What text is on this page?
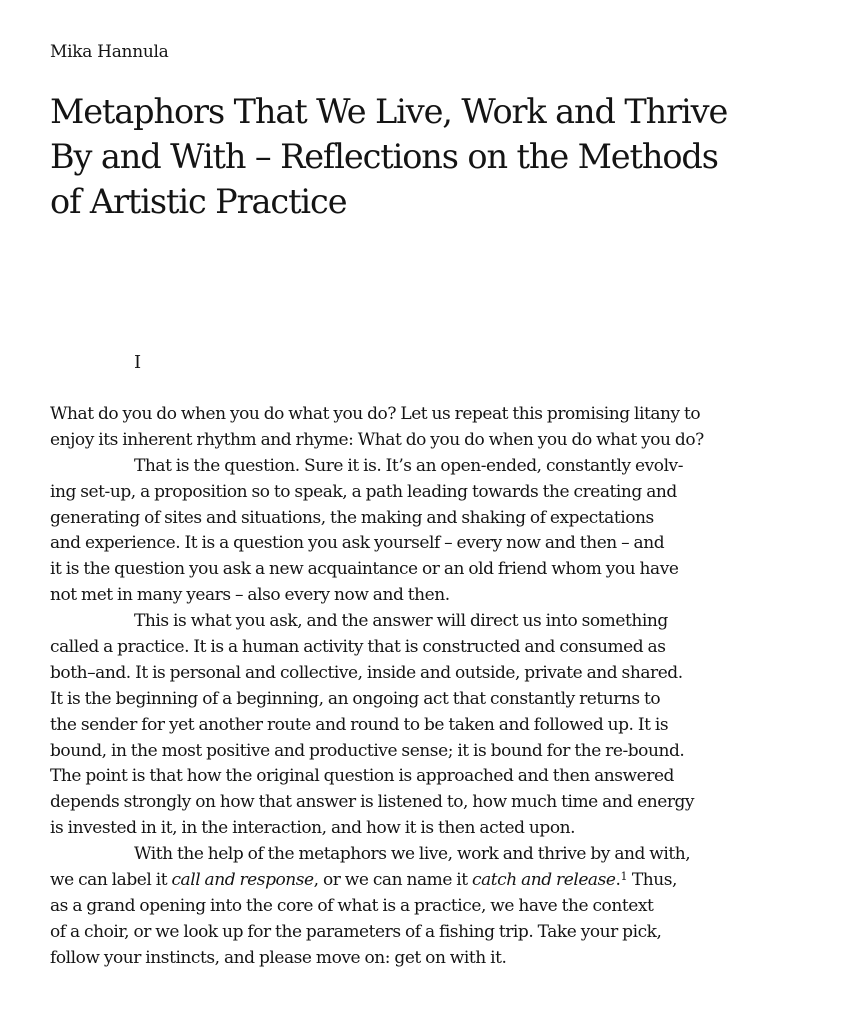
Mika Hannula
Metaphors That We Live, Work and Thrive
By and With – Reflections on the Methods
of Artistic Practice
I
What do you do when you do what you do? Let us repeat this promising litany to
enjoy its inherent rhythm and rhyme: What do you do when you do what you do?
That is the question. Sure it is. It’s an open-ended, constantly evolv-
ing set-up, a proposition so to speak, a path leading towards the creating and
generating of sites and situations, the making and shaking of expectations
and experience. It is a question you ask yourself – every now and then – and
it is the question you ask a new acquaintance or an old friend whom you have
not met in many years – also every now and then.
This is what you ask, and the answer will direct us into something
called a practice. It is a human activity that is constructed and consumed as
both–and. It is personal and collective, inside and outside, private and shared.
It is the beginning of a beginning, an ongoing act that constantly returns to
the sender for yet another route and round to be taken and followed up. It is
bound, in the most positive and productive sense; it is bound for the re-bound.
The point is that how the original question is approached and then answered
depends strongly on how that answer is listened to, how much time and energy
is invested in it, in the interaction, and how it is then acted upon.
With the help of the metaphors we live, work and thrive by and with,
we can label it call and response, or we can name it catch and release.$^1$ Thus,
as a grand opening into the core of what is a practice, we have the context
of a choir, or we look up for the parameters of a fishing trip. Take your pick,
follow your instincts, and please move on: get on with it.
